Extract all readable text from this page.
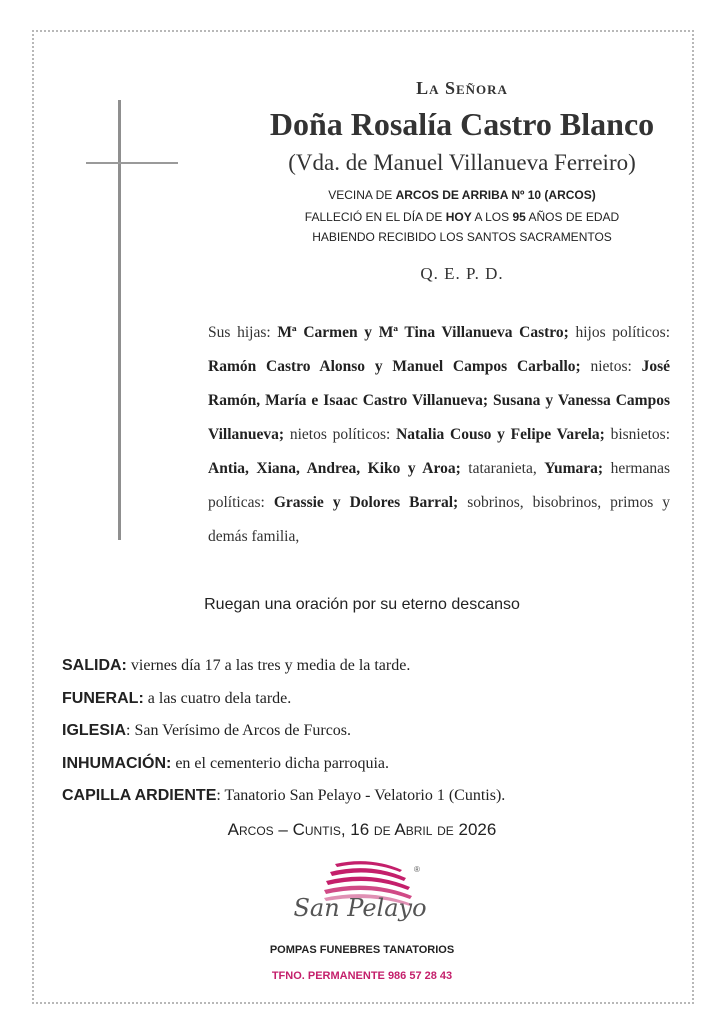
La Señora
Doña Rosalía Castro Blanco
(Vda. de Manuel Villanueva Ferreiro)
VECINA DE ARCOS DE ARRIBA Nº 10 (ARCOS)
FALLECIÓ EN EL DÍA DE HOY A LOS 95 AÑOS DE EDAD
HABIENDO RECIBIDO LOS SANTOS SACRAMENTOS
Q. E. P. D.
Sus hijas: Mª Carmen y Mª Tina Villanueva Castro; hijos políticos: Ramón Castro Alonso y Manuel Campos Carballo; nietos: José Ramón, María e Isaac Castro Villanueva; Susana y Vanessa Campos Villanueva; nietos políticos: Natalia Couso y Felipe Varela; bisnietos: Antia, Xiana, Andrea, Kiko y Aroa; tataranieta, Yumara; hermanas políticas: Grassie y Dolores Barral; sobrinos, bisobrinos, primos y demás familia,
Ruegan una oración por su eterno descanso
SALIDA: viernes día 17 a las tres y media de la tarde.
FUNERAL: a las cuatro dela tarde.
IGLESIA: San Verísimo de Arcos de Furcos.
INHUMACIÓN: en el cementerio dicha parroquia.
CAPILLA ARDIENTE: Tanatorio San Pelayo - Velatorio 1 (Cuntis).
Arcos – Cuntis, 16 de Abril de 2026
San Pelayo
®
POMPAS FUNEBRES TANATORIOS
TFNO. PERMANENTE 986 57 28 43
